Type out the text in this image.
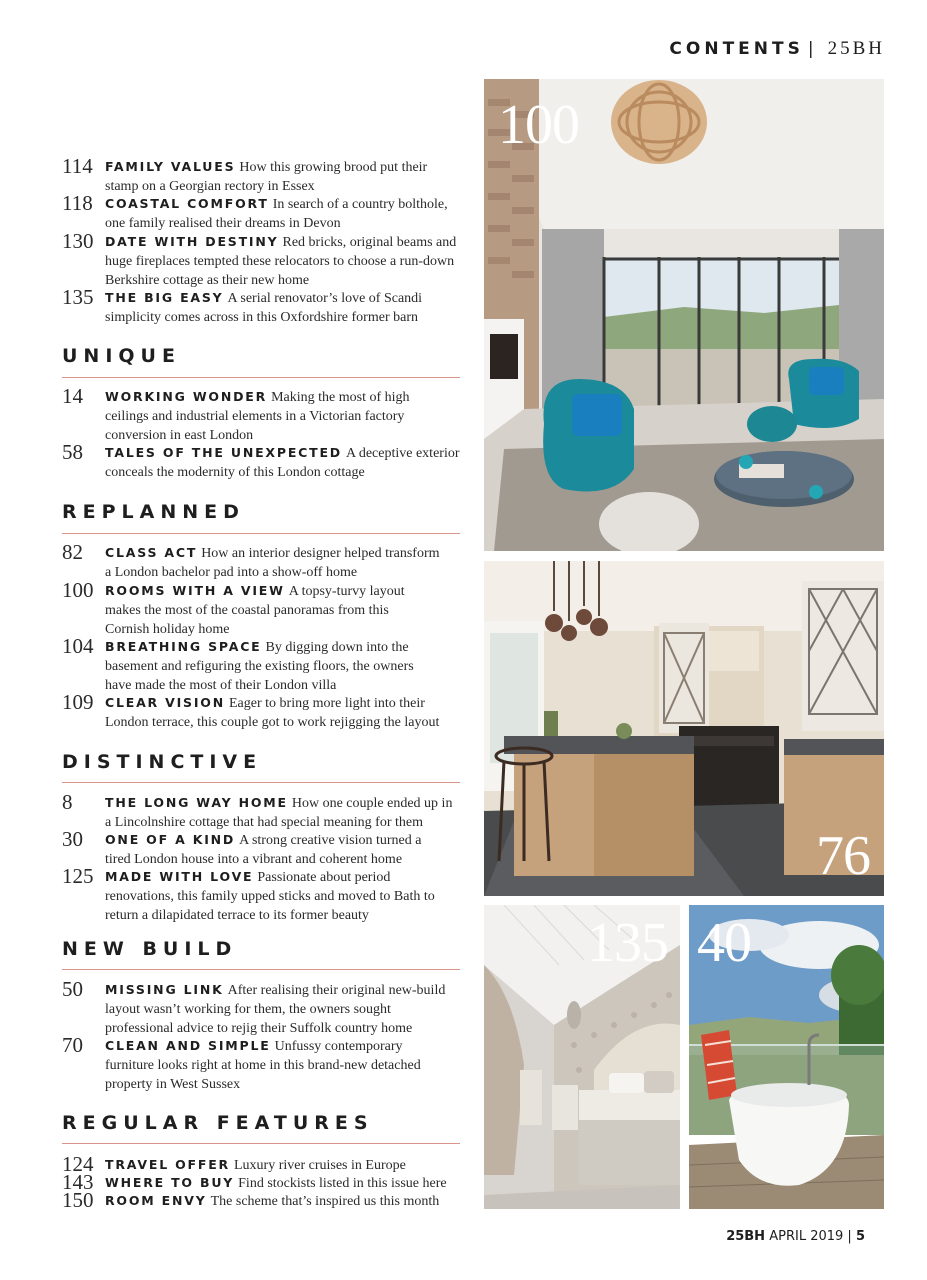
CONTENTS | 25BH
114 FAMILY VALUES How this growing brood put their stamp on a Georgian rectory in Essex
118 COASTAL COMFORT In search of a country bolthole, one family realised their dreams in Devon
130 DATE WITH DESTINY Red bricks, original beams and huge fireplaces tempted these relocators to choose a run-down Berkshire cottage as their new home
135 THE BIG EASY A serial renovator’s love of Scandi simplicity comes across in this Oxfordshire former barn
UNIQUE
14	WORKING WONDER Making the most of high ceilings and industrial elements in a Victorian factory conversion in east London
58	TALES OF THE UNEXPECTED A deceptive exterior conceals the modernity of this London cottage
REPLANNED
82	CLASS ACT How an interior designer helped transform a London bachelor pad into a show-off home
100 ROOMS WITH A VIEW A topsy-turvy layout makes the most of the coastal panoramas from this Cornish holiday home
104 BREATHING SPACE By digging down into the basement and refiguring the existing floors, the owners have made the most of their London villa
109 CLEAR VISION Eager to bring more light into their London terrace, this couple got to work rejigging the layout
DISTINCTIVE
8	THE LONG WAY HOME How one couple ended up in a Lincolnshire cottage that had special meaning for them
30	ONE OF A KIND A strong creative vision turned a tired London house into a vibrant and coherent home
125 MADE WITH LOVE Passionate about period renovations, this family upped sticks and moved to Bath to return a dilapidated terrace to its former beauty
NEW BUILD
50	MISSING LINK After realising their original new-build layout wasn’t working for them, the owners sought professional advice to rejig their Suffolk country home
70	CLEAN AND SIMPLE Unfussy contemporary furniture looks right at home in this brand-new detached property in West Sussex
REGULAR FEATURES
124 TRAVEL OFFER Luxury river cruises in Europe
143 WHERE TO BUY Find stockists listed in this issue here
150 ROOM ENVY The scheme that’s inspired us this month
100
76
135 40
25BH APRIL 2019 | 5
